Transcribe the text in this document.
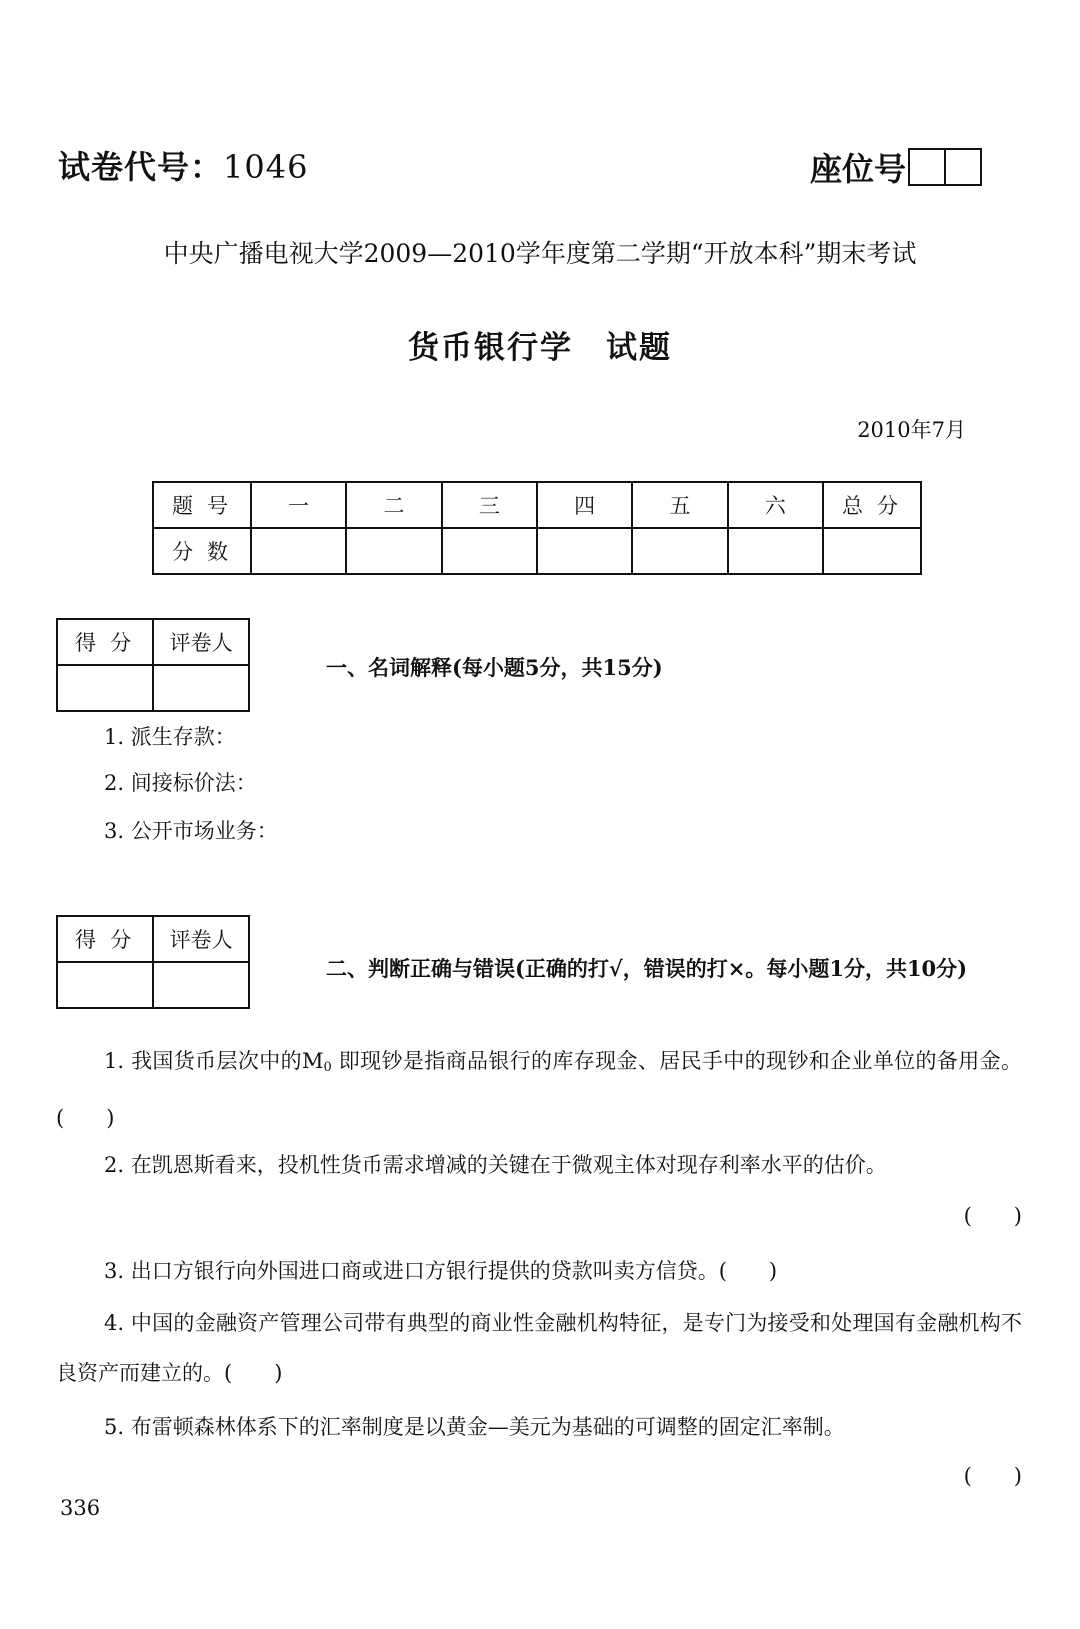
试卷代号：1046	座位号
中央广播电视大学2009—2010学年度第二学期“开放本科”期末考试
货币银行学　试题
2010年7月
题号	一	二	三	四	五	六	总分
分数							
得分	评卷人

一、名词解释(每小题5分，共15分)
1. 派生存款：
2. 间接标价法：
3. 公开市场业务：
得分	评卷人

二、判断正确与错误(正确的打√，错误的打×。每小题1分，共10分)
1. 我国货币层次中的$M_0$ 即现钞是指商品银行的库存现金、居民手中的现钞和企业单位的备用金。(　　)
2. 在凯恩斯看来，投机性货币需求增减的关键在于微观主体对现存利率水平的估价。
(　　)
3. 出口方银行向外国进口商或进口方银行提供的贷款叫卖方信贷。(　　)
4. 中国的金融资产管理公司带有典型的商业性金融机构特征，是专门为接受和处理国有金融机构不良资产而建立的。(　　)
5. 布雷顿森林体系下的汇率制度是以黄金—美元为基础的可调整的固定汇率制。
(　　)
336
